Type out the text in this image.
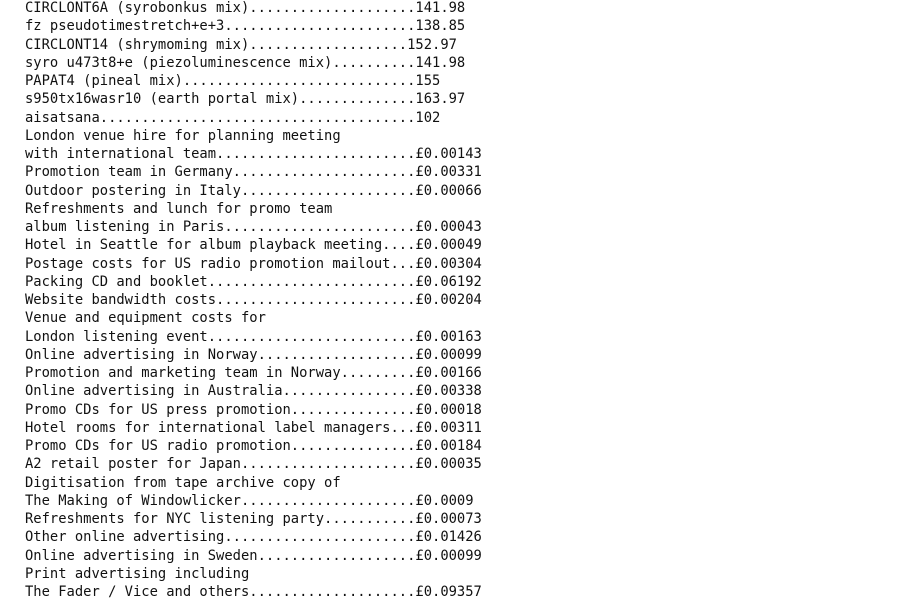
CIRCLONT6A (syrobonkus mix)....................141.98
fz pseudotimestretch+e+3.......................138.85
CIRCLONT14 (shrymoming mix)...................152.97
syro u473t8+e (piezoluminescence mix)..........141.98
PAPAT4 (pineal mix)............................155
s950tx16wasr10 (earth portal mix)..............163.97
aisatsana......................................102
London venue hire for planning meeting
with international team........................£0.00143
Promotion team in Germany......................£0.00331
Outdoor postering in Italy.....................£0.00066
Refreshments and lunch for promo team
album listening in Paris.......................£0.00043
Hotel in Seattle for album playback meeting....£0.00049
Postage costs for US radio promotion mailout...£0.00304
Packing CD and booklet.........................£0.06192
Website bandwidth costs........................£0.00204
Venue and equipment costs for
London listening event.........................£0.00163
Online advertising in Norway...................£0.00099
Promotion and marketing team in Norway.........£0.00166
Online advertising in Australia................£0.00338
Promo CDs for US press promotion...............£0.00018
Hotel rooms for international label managers...£0.00311
Promo CDs for US radio promotion...............£0.00184
A2 retail poster for Japan.....................£0.00035
Digitisation from tape archive copy of
The Making of Windowlicker.....................£0.0009
Refreshments for NYC listening party...........£0.00073
Other online advertising.......................£0.01426
Online advertising in Sweden...................£0.00099
Print advertising including
The Fader / Vice and others....................£0.09357
